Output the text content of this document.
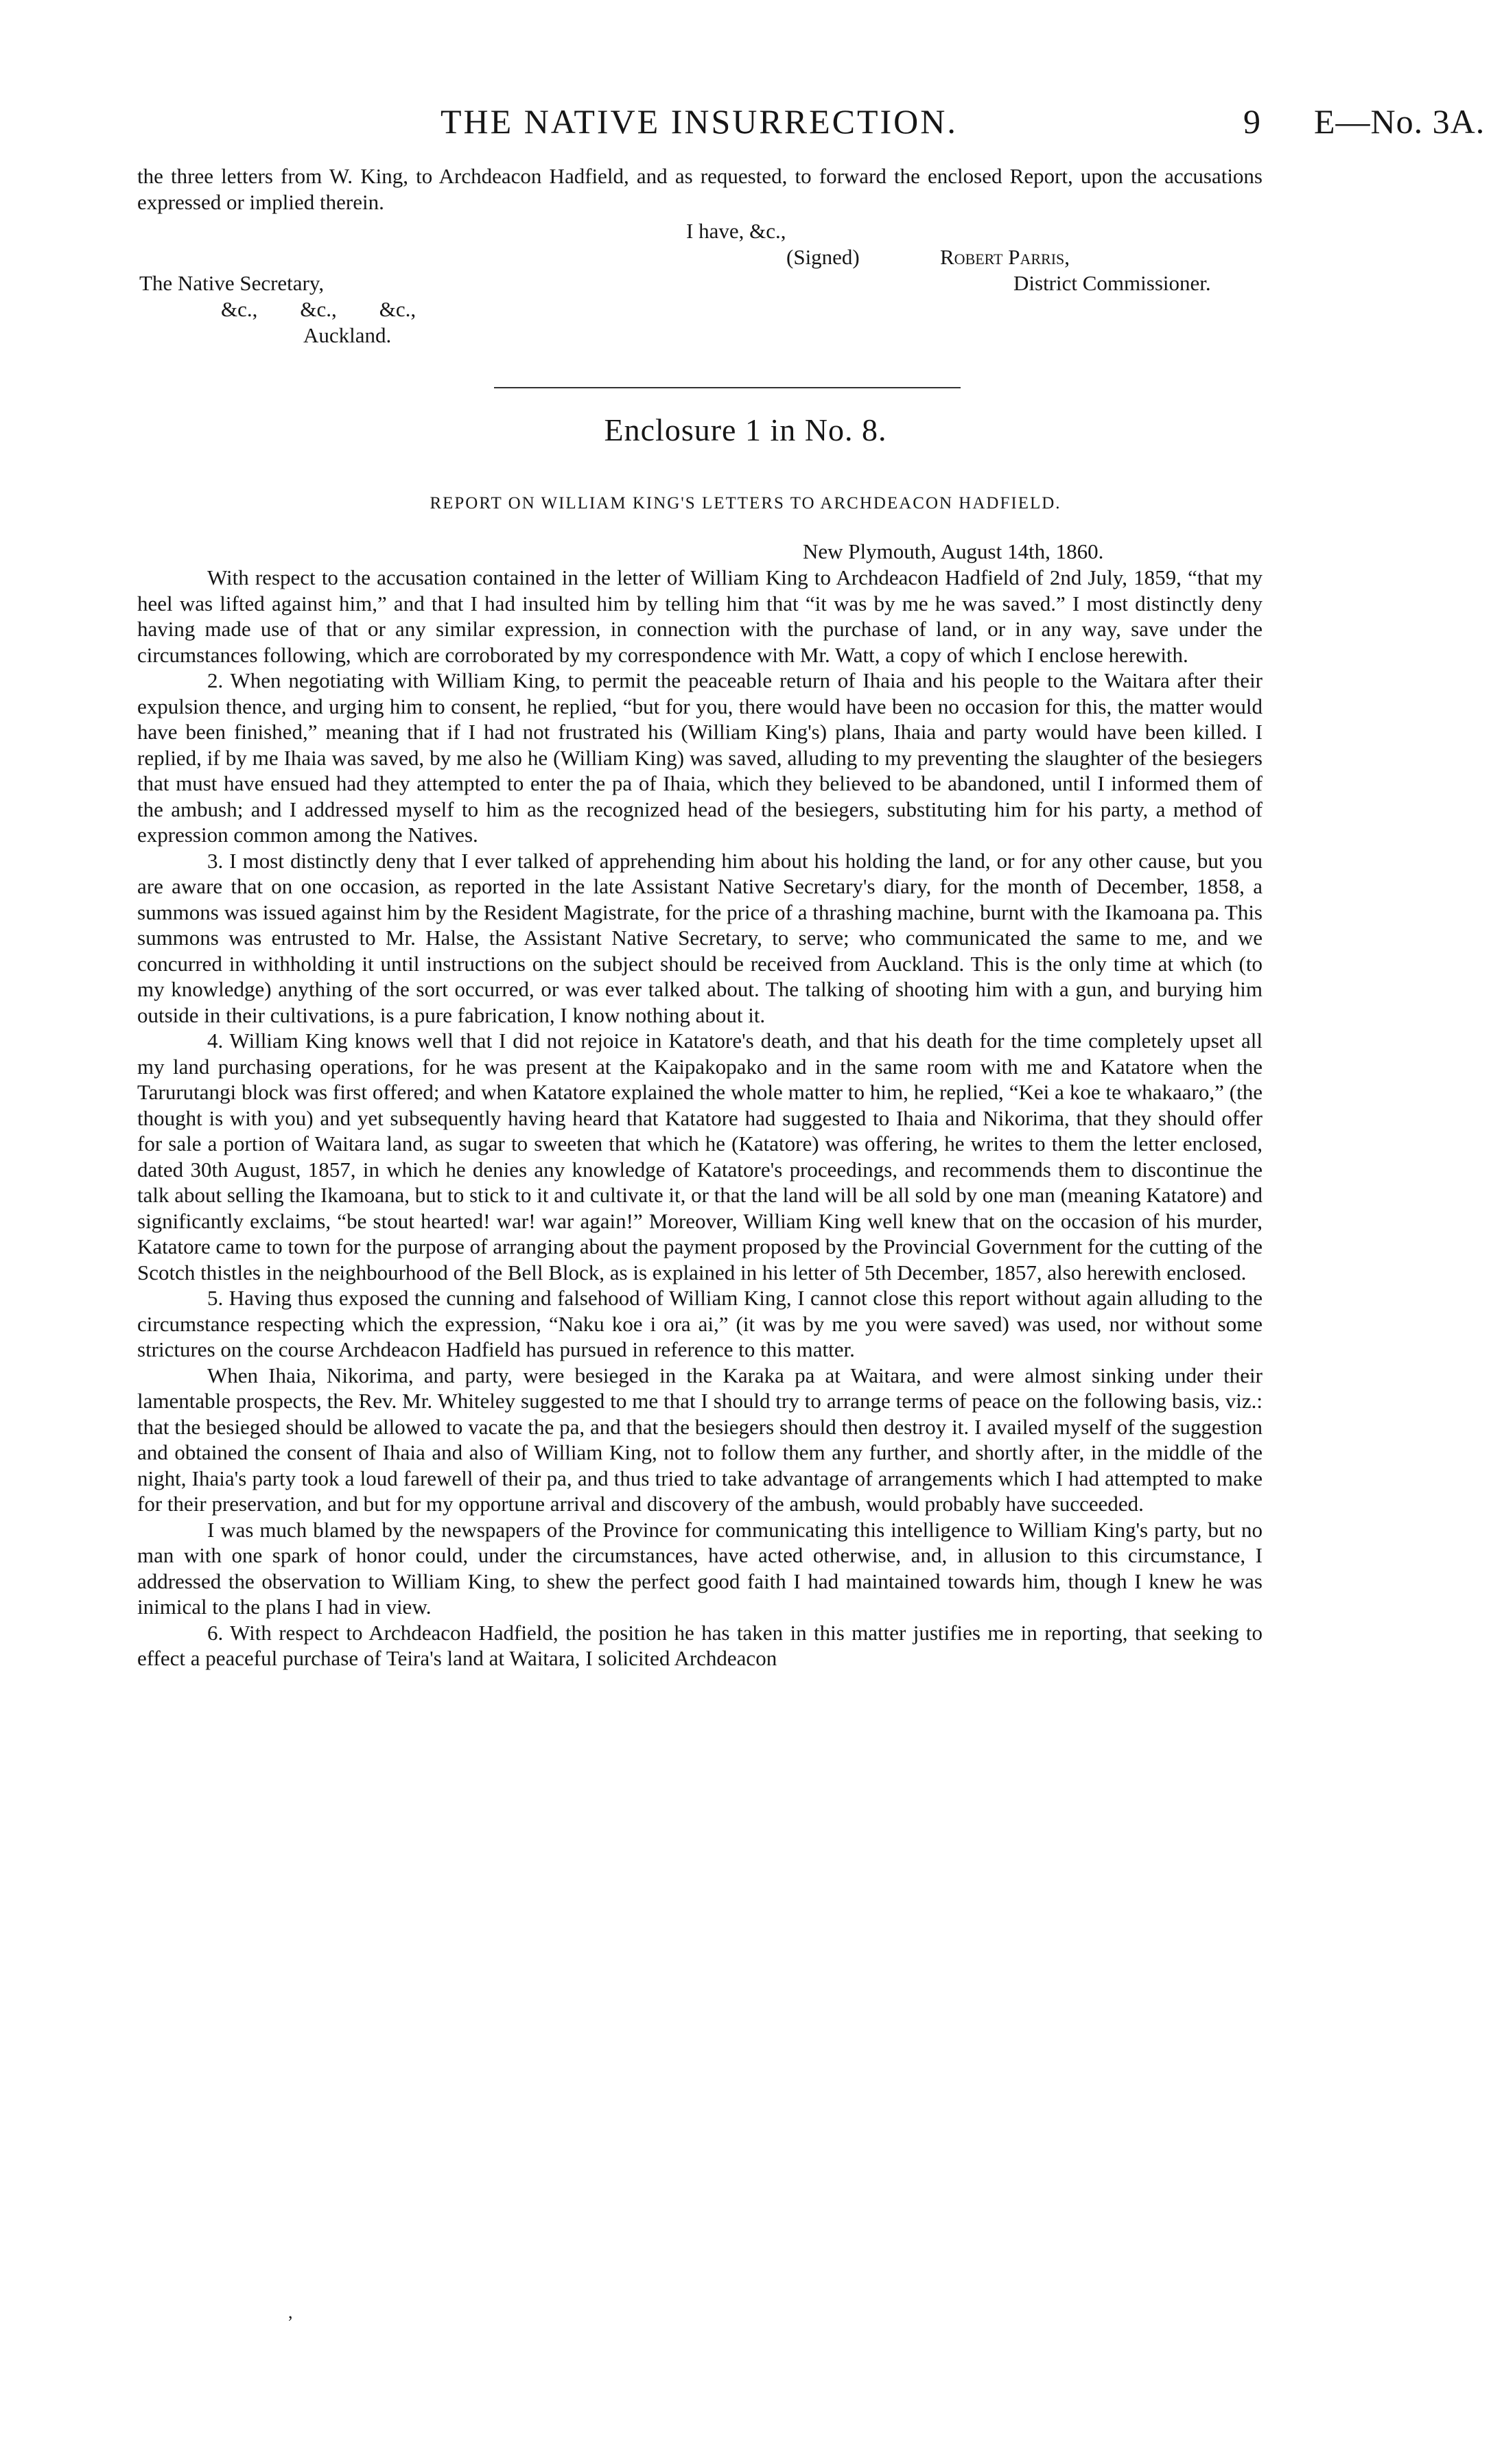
THE NATIVE INSURRECTION.	9 E—No. 3A.

the three letters from W. King, to Archdeacon Hadfield, and as requested, to forward the enclosed Report, upon the accusations expressed or implied therein.

I have, &c.,
(Signed)	Robert Parris,
District Commissioner.
The Native Secretary,
&c.,        &c.,        &c.,
Auckland.
Enclosure 1 in No. 8.
REPORT ON WILLIAM KING'S LETTERS TO ARCHDEACON HADFIELD.
New Plymouth, August 14th, 1860.

With respect to the accusation contained in the letter of William King to Archdeacon Hadfield of 2nd July, 1859, “that my heel was lifted against him,” and that I had insulted him by telling him that “it was by me he was saved.” I most distinctly deny having made use of that or any similar expression, in connection with the purchase of land, or in any way, save under the circumstances following, which are corroborated by my correspondence with Mr. Watt, a copy of which I enclose herewith.

2. When negotiating with William King, to permit the peaceable return of Ihaia and his people to the Waitara after their expulsion thence, and urging him to consent, he replied, “but for you, there would have been no occasion for this, the matter would have been finished,” meaning that if I had not frustrated his (William King's) plans, Ihaia and party would have been killed. I replied, if by me Ihaia was saved, by me also he (William King) was saved, alluding to my preventing the slaughter of the besiegers that must have ensued had they attempted to enter the pa of Ihaia, which they believed to be abandoned, until I informed them of the ambush; and I addressed myself to him as the recognized head of the besiegers, substituting him for his party, a method of expression common among the Natives.

3. I most distinctly deny that I ever talked of apprehending him about his holding the land, or for any other cause, but you are aware that on one occasion, as reported in the late Assistant Native Secretary's diary, for the month of December, 1858, a summons was issued against him by the Resident Magistrate, for the price of a thrashing machine, burnt with the Ikamoana pa. This summons was entrusted to Mr. Halse, the Assistant Native Secretary, to serve; who communicated the same to me, and we concurred in withholding it until instructions on the subject should be received from Auckland. This is the only time at which (to my knowledge) anything of the sort occurred, or was ever talked about. The talking of shooting him with a gun, and burying him outside in their cultivations, is a pure fabrication, I know nothing about it.

4. William King knows well that I did not rejoice in Katatore's death, and that his death for the time completely upset all my land purchasing operations, for he was present at the Kaipakopako and in the same room with me and Katatore when the Tarurutangi block was first offered; and when Katatore explained the whole matter to him, he replied, “Kei a koe te whakaaro,” (the thought is with you) and yet subsequently having heard that Katatore had suggested to Ihaia and Nikorima, that they should offer for sale a portion of Waitara land, as sugar to sweeten that which he (Katatore) was offering, he writes to them the letter enclosed, dated 30th August, 1857, in which he denies any knowledge of Katatore's proceedings, and recommends them to discontinue the talk about selling the Ikamoana, but to stick to it and cultivate it, or that the land will be all sold by one man (meaning Katatore) and significantly exclaims, “be stout hearted! war! war again!” Moreover, William King well knew that on the occasion of his murder, Katatore came to town for the purpose of arranging about the payment proposed by the Provincial Government for the cutting of the Scotch thistles in the neighbourhood of the Bell Block, as is explained in his letter of 5th December, 1857, also herewith enclosed.

5. Having thus exposed the cunning and falsehood of William King, I cannot close this report without again alluding to the circumstance respecting which the expression, “Naku koe i ora ai,” (it was by me you were saved) was used, nor without some strictures on the course Archdeacon Hadfield has pursued in reference to this matter.

When Ihaia, Nikorima, and party, were besieged in the Karaka pa at Waitara, and were almost sinking under their lamentable prospects, the Rev. Mr. Whiteley suggested to me that I should try to arrange terms of peace on the following basis, viz.: that the besieged should be allowed to vacate the pa, and that the besiegers should then destroy it. I availed myself of the suggestion and obtained the consent of Ihaia and also of William King, not to follow them any further, and shortly after, in the middle of the night, Ihaia's party took a loud farewell of their pa, and thus tried to take advantage of arrangements which I had attempted to make for their preservation, and but for my opportune arrival and discovery of the ambush, would probably have succeeded.

I was much blamed by the newspapers of the Province for communicating this intelligence to William King's party, but no man with one spark of honor could, under the circumstances, have acted otherwise, and, in allusion to this circumstance, I addressed the observation to William King, to shew the perfect good faith I had maintained towards him, though I knew he was inimical to the plans I had in view.

6. With respect to Archdeacon Hadfield, the position he has taken in this matter justifies me in reporting, that seeking to effect a peaceful purchase of Teira's land at Waitara, I solicited Archdeacon

,
